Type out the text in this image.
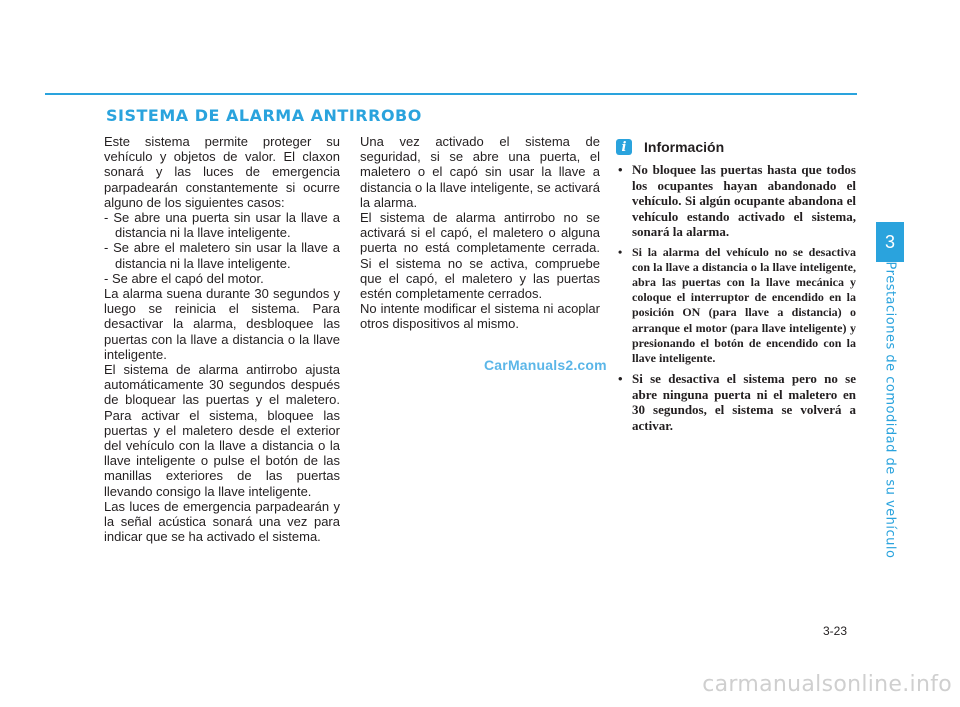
SISTEMA DE ALARMA ANTIRROBO

Este sistema permite proteger su vehículo y objetos de valor. El claxon sonará y las luces de emergencia parpadearán constantemente si ocurre alguno de los siguientes casos:

- Se abre una puerta sin usar la llave a distancia ni la llave inteligente.

- Se abre el maletero sin usar la llave a distancia ni la llave inteligente.

- Se abre el capó del motor.

La alarma suena durante 30 segundos y luego se reinicia el sistema. Para desactivar la alarma, desbloquee las puertas con la llave a distancia o la llave inteligente.

El sistema de alarma antirrobo ajusta automáticamente 30 segundos después de bloquear las puertas y el maletero. Para activar el sistema, bloquee las puertas y el maletero desde el exterior del vehículo con la llave a distancia o la llave inteligente o pulse el botón de las manillas exteriores de las puertas llevando consigo la llave inteligente.

Las luces de emergencia parpadearán y la señal acústica sonará una vez para indicar que se ha activado el sistema.

Una vez activado el sistema de seguridad, si se abre una puerta, el maletero o el capó sin usar la llave a distancia o la llave inteligente, se activará la alarma.

El sistema de alarma antirrobo no se activará si el capó, el maletero o alguna puerta no está completamente cerrada. Si el sistema no se activa, compruebe que el capó, el maletero y las puertas estén completamente cerrados.

No intente modificar el sistema ni acoplar otros dispositivos al mismo.

CarManuals2.com
i	Información
• No bloquee las puertas hasta que todos los ocupantes hayan abandonado el vehículo. Si algún ocupante abandona el vehículo estando activado el sistema, sonará la alarma.
• Si la alarma del vehículo no se desactiva con la llave a distancia o la llave inteligente, abra las puertas con la llave mecánica y coloque el interruptor de encendido en la posición ON (para llave a distancia) o arranque el motor (para llave inteligente) y presionando el botón de encendido con la llave inteligente.
• Si se desactiva el sistema pero no se abre ninguna puerta ni el maletero en 30 segundos, el sistema se volverá a activar.
3
Prestaciones de comodidad de su vehículo
3-23
carmanualsonline.info
